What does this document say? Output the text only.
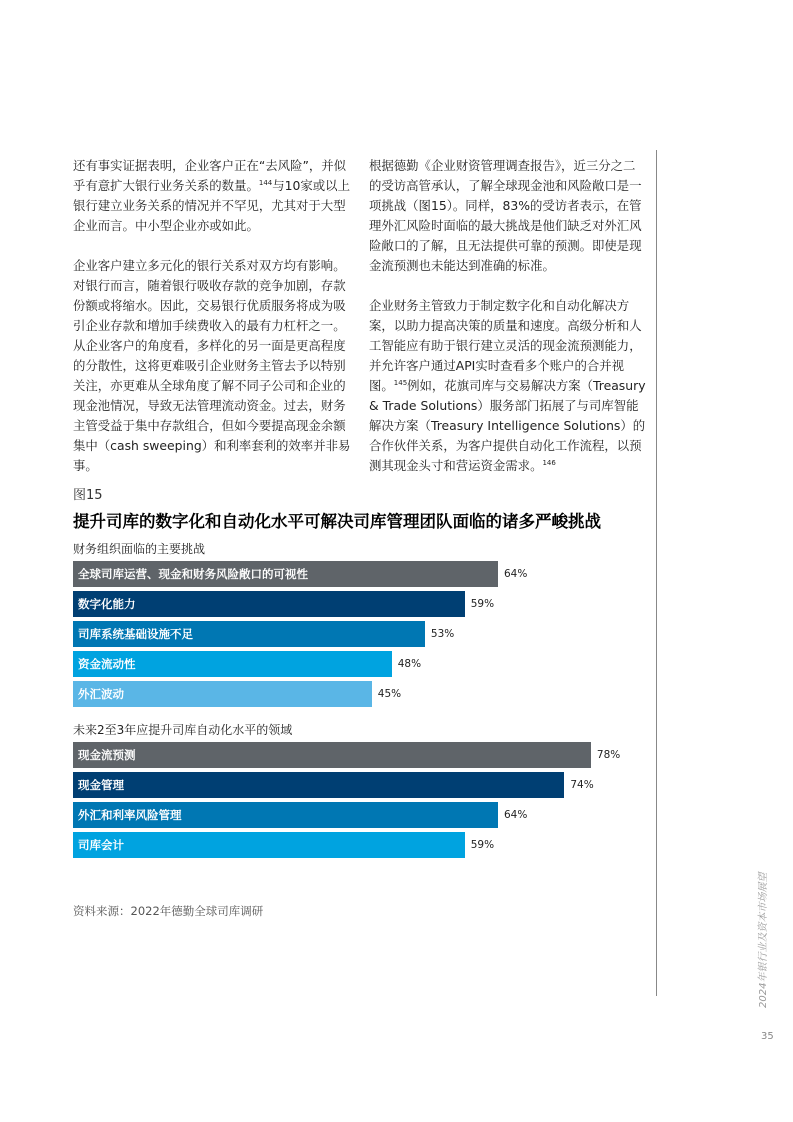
还有事实证据表明，企业客户正在“去风险”，并似乎有意扩大银行业务关系的数量。$^{144}$与10家或以上银行建立业务关系的情况并不罕见，尤其对于大型企业而言。中小型企业亦或如此。

企业客户建立多元化的银行关系对双方均有影响。对银行而言，随着银行吸收存款的竞争加剧，存款份额或将缩水。因此，交易银行优质服务将成为吸引企业存款和增加手续费收入的最有力杠杆之一。从企业客户的角度看，多样化的另一面是更高程度的分散性，这将更难吸引企业财务主管去予以特别关注，亦更难从全球角度了解不同子公司和企业的现金池情况，导致无法管理流动资金。过去，财务主管受益于集中存款组合，但如今要提高现金余额集中（cash sweeping）和利率套利的效率并非易事。

根据德勤《企业财资管理调查报告》，近三分之二的受访高管承认，了解全球现金池和风险敞口是一项挑战（图15）。同样，83%的受访者表示，在管理外汇风险时面临的最大挑战是他们缺乏对外汇风险敞口的了解，且无法提供可靠的预测。即使是现金流预测也未能达到准确的标准。

企业财务主管致力于制定数字化和自动化解决方案，以助力提高决策的质量和速度。高级分析和人工智能应有助于银行建立灵活的现金流预测能力，并允许客户通过API实时查看多个账户的合并视图。$^{145}$例如，花旗司库与交易解决方案（Treasury & Trade Solutions）服务部门拓展了与司库智能解决方案（Treasury Intelligence Solutions）的合作伙伴关系，为客户提供自动化工作流程，以预测其现金头寸和营运资金需求。$^{146}$

图15
提升司库的数字化和自动化水平可解决司库管理团队面临的诸多严峻挑战
财务组织面临的主要挑战
全球司库运营、现金和财务风险敞口的可视性
数字化能力
司库系统基础设施不足
资金流动性
外汇波动
64%
59%
53%
48%
45%
未来2至3年应提升司库自动化水平的领域
现金流预测
现金管理
外汇和利率风险管理
司库会计
78%
74%
64%
59%
资料来源：2022年德勤全球司库调研	2024年银行业及资本市场展望
35
